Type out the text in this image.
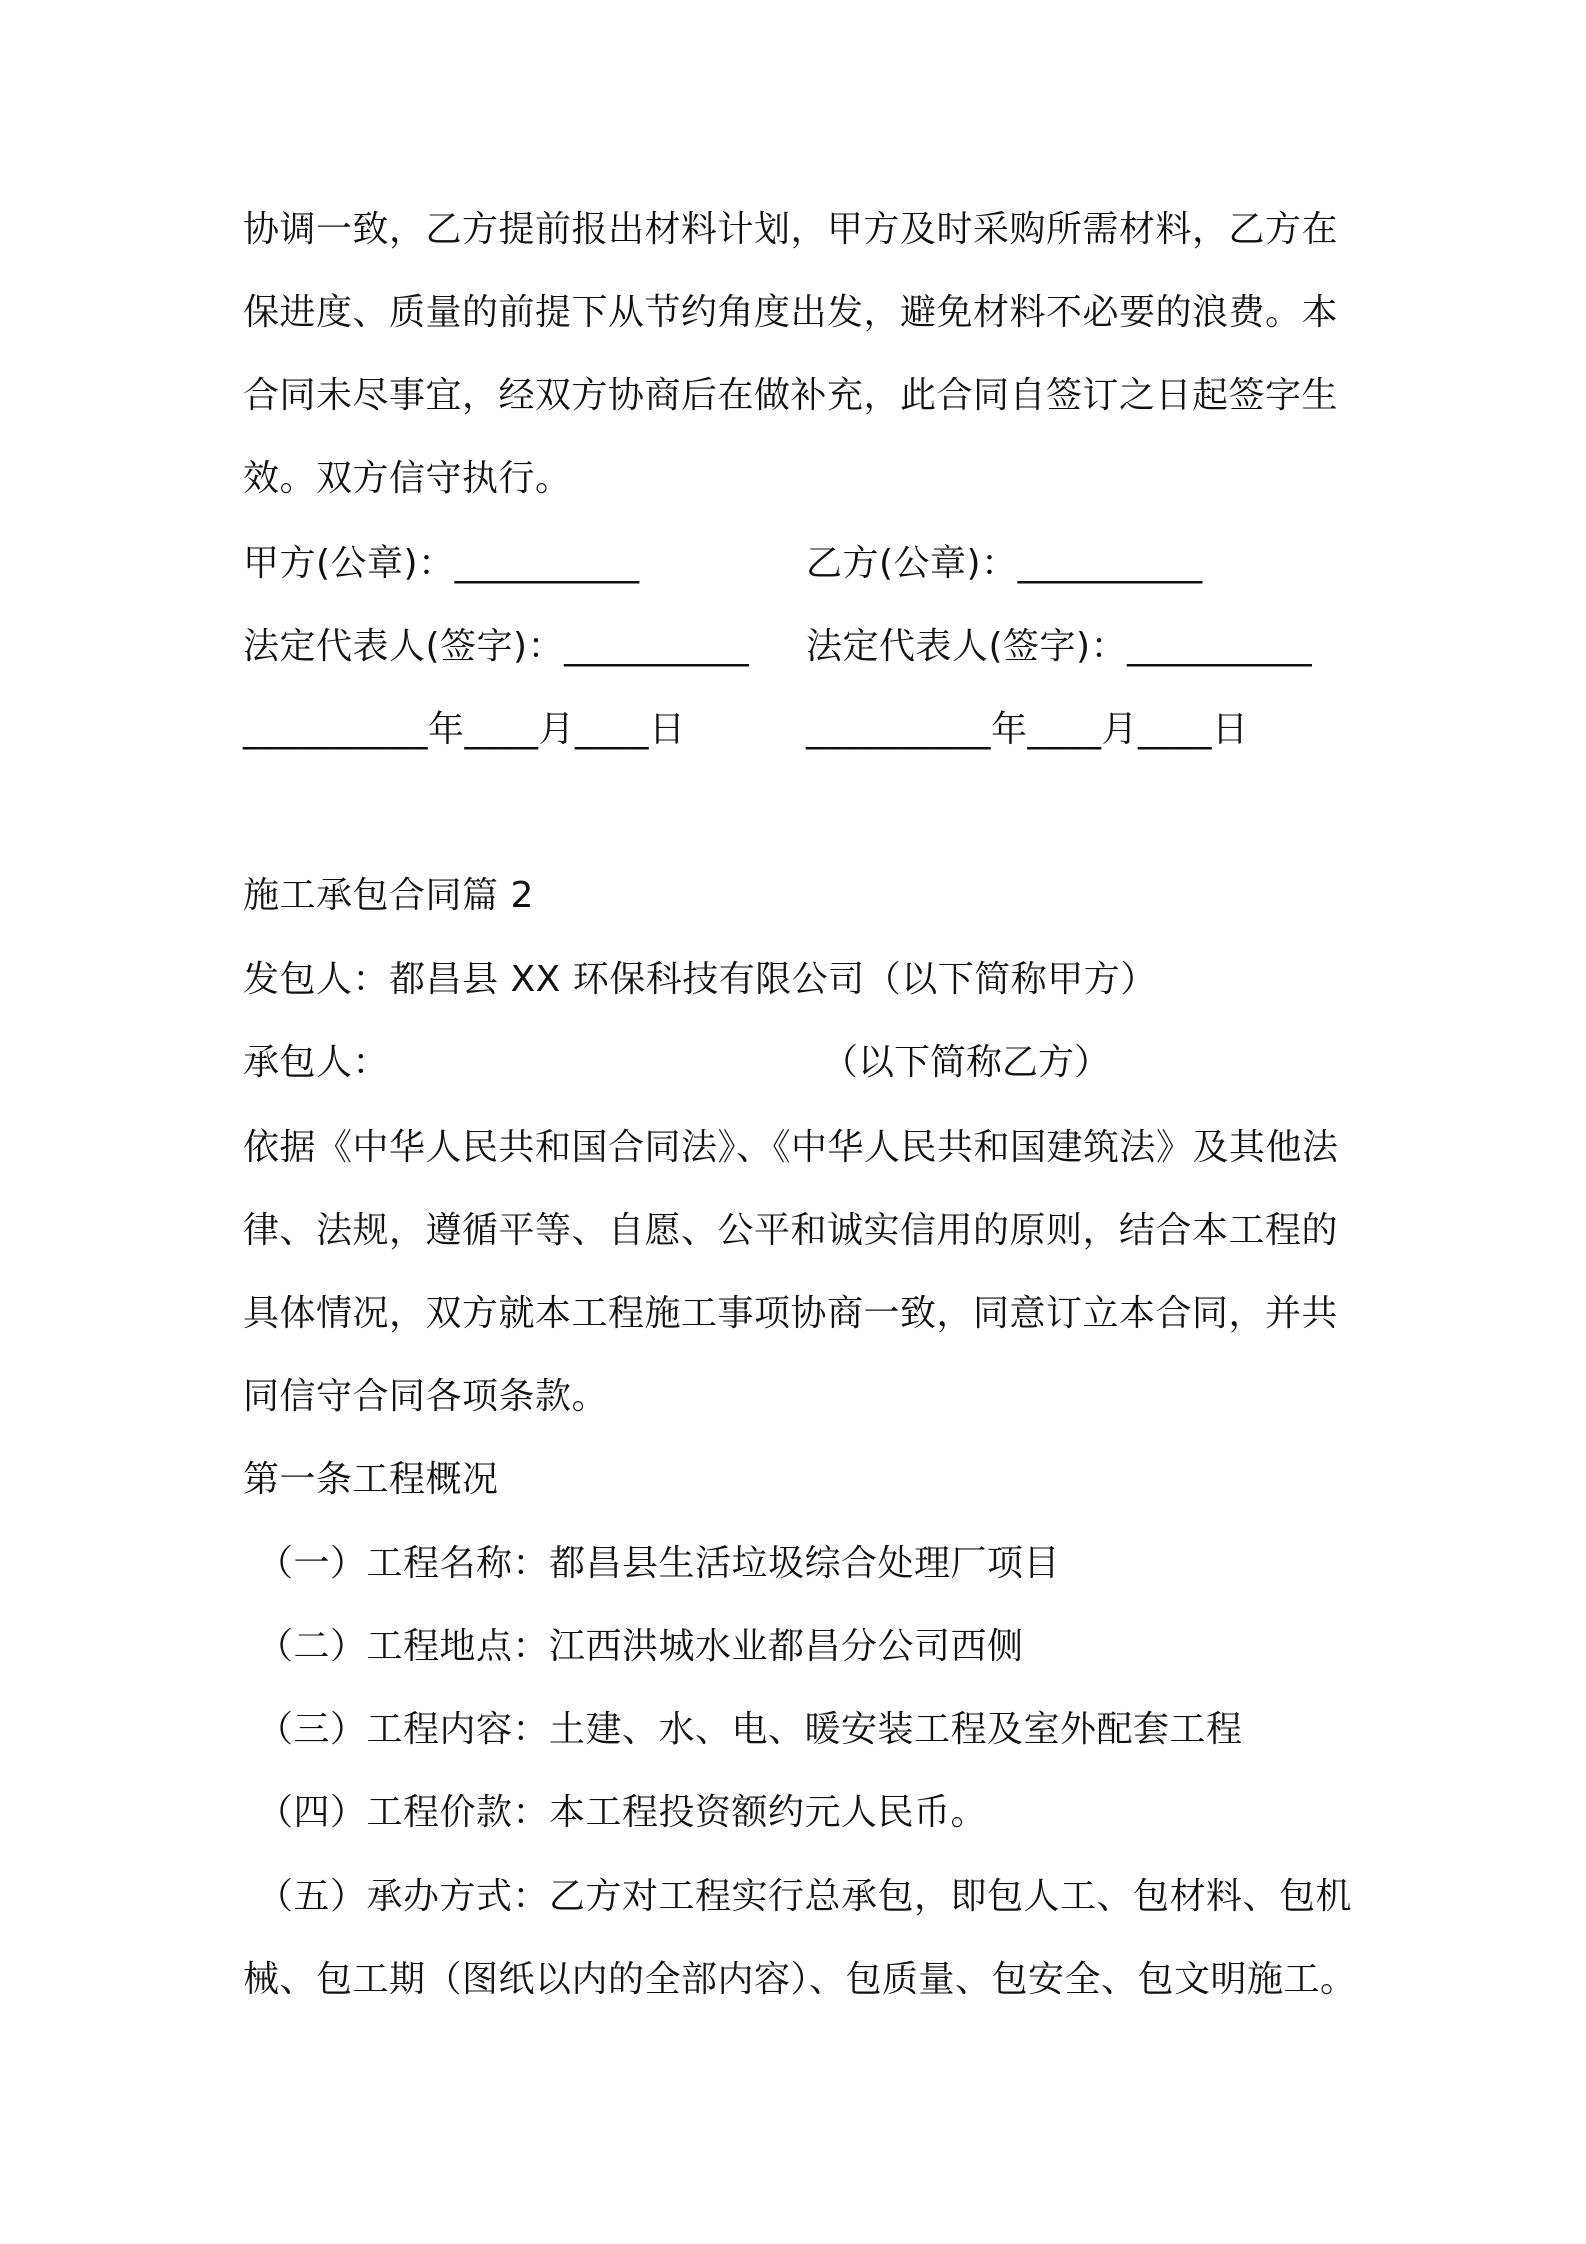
协调一致，乙方提前报出材料计划，甲方及时采购所需材料，乙方在
保进度、质量的前提下从节约角度出发，避免材料不必要的浪费。本
合同未尽事宜，经双方协商后在做补充，此合同自签订之日起签字生
效。双方信守执行。
甲方(公章)：__________	乙方(公章)：__________
法定代表人(签字)：__________ 法定代表人(签字)：__________
__________年____月____日	__________年____月____日
施工承包合同篇 2
发包人：都昌县 XX 环保科技有限公司（以下简称甲方）
承包人：	（以下简称乙方）
依据《中华人民共和国合同法》、《中华人民共和国建筑法》及其他法
律、法规，遵循平等、自愿、公平和诚实信用的原则，结合本工程的
具体情况，双方就本工程施工事项协商一致，同意订立本合同，并共
同信守合同各项条款。
第一条工程概况
（一）工程名称：都昌县生活垃圾综合处理厂项目
（二）工程地点：江西洪城水业都昌分公司西侧
（三）工程内容：土建、水、电、暖安装工程及室外配套工程
（四）工程价款：本工程投资额约元人民币。
（五）承办方式：乙方对工程实行总承包，即包人工、包材料、包机
械、包工期（图纸以内的全部内容）、包质量、包安全、包文明施工。
